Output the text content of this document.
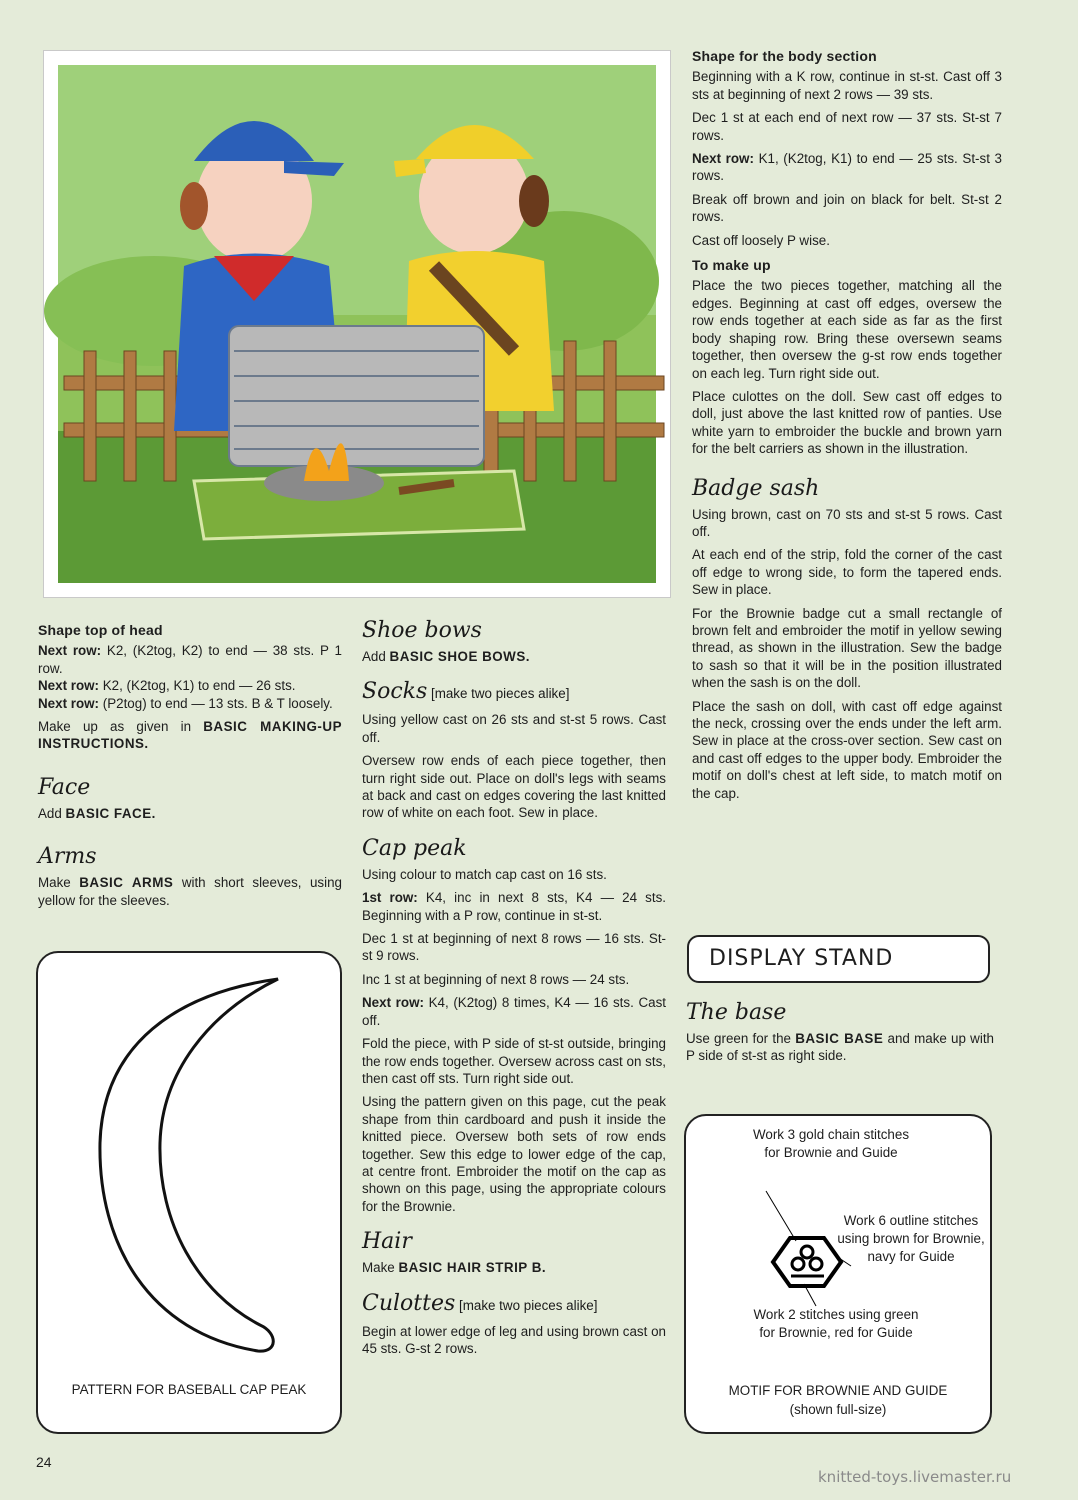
Shape for the body section

Beginning with a K row, continue in st-st. Cast off 3 sts at beginning of next 2 rows — 39 sts.

Dec 1 st at each end of next row — 37 sts. St-st 7 rows.

Next row: K1, (K2tog, K1) to end — 25 sts. St-st 3 rows.

Break off brown and join on black for belt. St-st 2 rows.

Cast off loosely P wise.

To make up

Place the two pieces together, matching all the edges. Beginning at cast off edges, oversew the row ends together at each side as far as the first body shaping row. Bring these oversewn seams together, then oversew the g-st row ends together on each leg. Turn right side out.

Place culottes on the doll. Sew cast off edges to doll, just above the last knitted row of panties. Use white yarn to embroider the buckle and brown yarn for the belt carriers as shown in the illustration.

Badge sash

Using brown, cast on 70 sts and st-st 5 rows. Cast off.

At each end of the strip, fold the corner of the cast off edge to wrong side, to form the tapered ends. Sew in place.

For the Brownie badge cut a small rectangle of brown felt and embroider the motif in yellow sewing thread, as shown in the illustration. Sew the badge to sash so that it will be in the position illustrated when the sash is on the doll.

Place the sash on doll, with cast off edge against the neck, crossing over the ends under the left arm. Sew in place at the cross-over section. Sew cast on and cast off edges to the upper body. Embroider the motif on doll's chest at left side, to match motif on the cap.

DISPLAY STAND
The base

Use green for the BASIC BASE and make up with P side of st-st as right side.

Work 3 gold chain stitches for Brownie and Guide
Work 6 outline stitches using brown for Brownie, navy for Guide
Work 2 stitches using green for Brownie, red for Guide
MOTIF FOR BROWNIE AND GUIDE
(shown full-size)
Shape top of head

Next row: K2, (K2tog, K2) to end — 38 sts. P 1 row.

Next row: K2, (K2tog, K1) to end — 26 sts.

Next row: (P2tog) to end — 13 sts. B & T loosely.

Make up as given in BASIC MAKING-UP INSTRUCTIONS.

Face

Add BASIC FACE.

Arms

Make BASIC ARMS with short sleeves, using yellow for the sleeves.

PATTERN FOR BASEBALL CAP PEAK
Shoe bows

Add BASIC SHOE BOWS.

Socks [make two pieces alike]

Using yellow cast on 26 sts and st-st 5 rows. Cast off.

Oversew row ends of each piece together, then turn right side out. Place on doll's legs with seams at back and cast on edges covering the last knitted row of white on each foot. Sew in place.

Cap peak

Using colour to match cap cast on 16 sts.

1st row: K4, inc in next 8 sts, K4 — 24 sts. Beginning with a P row, continue in st-st.

Dec 1 st at beginning of next 8 rows — 16 sts. St-st 9 rows.

Inc 1 st at beginning of next 8 rows — 24 sts.

Next row: K4, (K2tog) 8 times, K4 — 16 sts. Cast off.

Fold the piece, with P side of st-st outside, bringing the row ends together. Oversew across cast on sts, then cast off sts. Turn right side out.

Using the pattern given on this page, cut the peak shape from thin cardboard and push it inside the knitted piece. Oversew both sets of row ends together. Sew this edge to lower edge of the cap, at centre front. Embroider the motif on the cap as shown on this page, using the appropriate colours for the Brownie.

Hair

Make BASIC HAIR STRIP B.

Culottes [make two pieces alike]

Begin at lower edge of leg and using brown cast on 45 sts. G-st 2 rows.

24
knitted-toys.livemaster.ru
